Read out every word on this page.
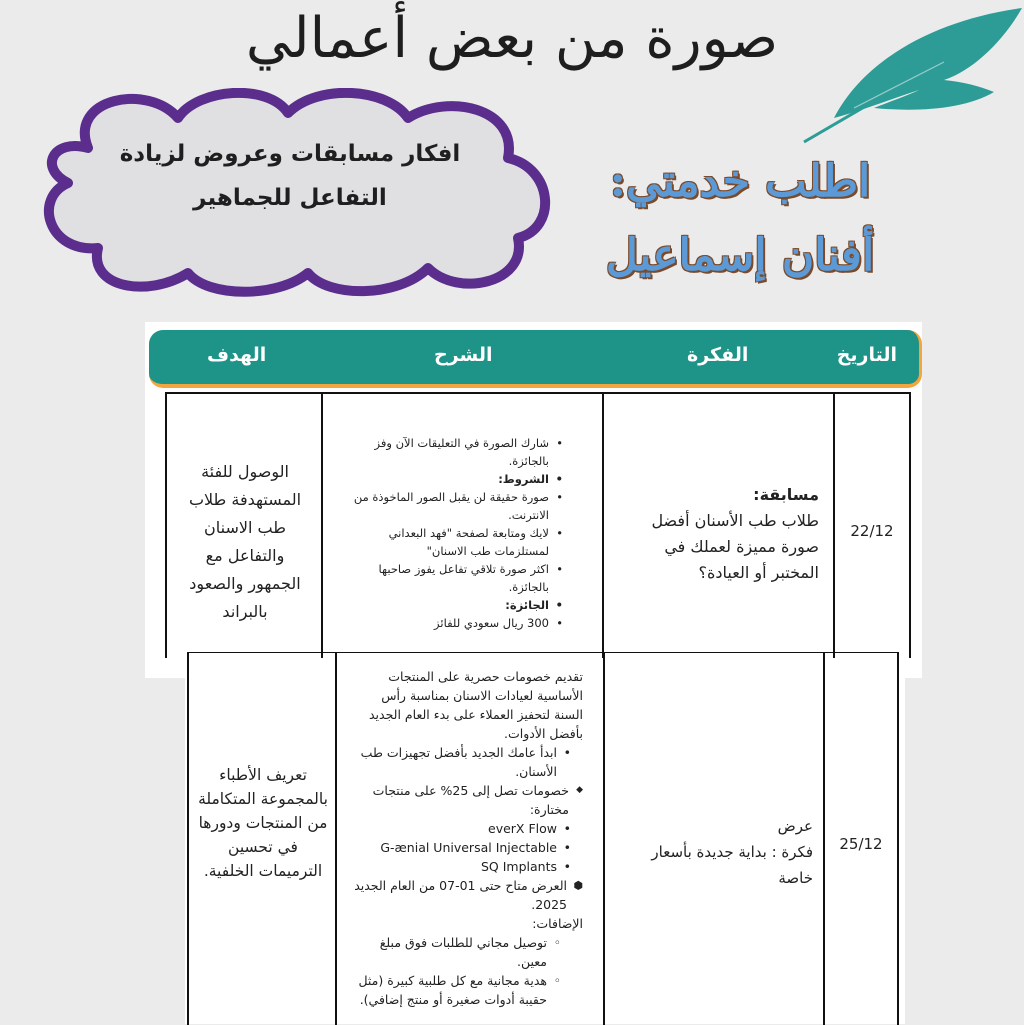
صورة من بعض أعمالي
افكار مسابقات وعروض لزيادة
التفاعل للجماهير	اطلب خدمتي:
أفنان إسماعيل
التاريخ
الفكرة
الشرح
الهدف
الوصول للفئة المستهدفة طلاب طب الاسنان والتفاعل مع الجمهور والصعود بالبراند
• شارك الصورة في التعليقات الآن وفز بالجائزة.
• الشروط:
• صورة حقيقة لن يقبل الصور الماخوذة من الانترنت.
• لايك ومتابعة لصفحة "فهد البعداني لمستلزمات طب الاسنان"
• اكثر صورة تلاقي تفاعل يفوز صاحبها بالجائزة.
• الجائزة:
• 300 ريال سعودي للفائز
مسابقة:
طلاب طب الأسنان أفضل صورة مميزة لعملك في المختبر أو العيادة؟
22/12
تعريف الأطباء بالمجموعة المتكاملة من المنتجات ودورها في تحسين الترميمات الخلفية.
تقديم خصومات حصرية على المنتجات الأساسية لعيادات الاسنان بمناسبة رأس السنة لتحفيز العملاء على بدء العام الجديد بأفضل الأدوات.
• ابدأ عامك الجديد بأفضل تجهيزات طب الأسنان.
◆ خصومات تصل إلى 25% على منتجات مختارة:
• everX Flow
• G-ænial Universal Injectable
• SQ Implants
⬢ العرض متاح حتى 01-07 من العام الجديد 2025.
الإضافات:
◦ توصيل مجاني للطلبات فوق مبلغ معين.
◦ هدية مجانية مع كل طلبية كبيرة (مثل حقيبة أدوات صغيرة أو منتج إضافي).
عرض
فكرة : بداية جديدة بأسعار خاصة
25/12
